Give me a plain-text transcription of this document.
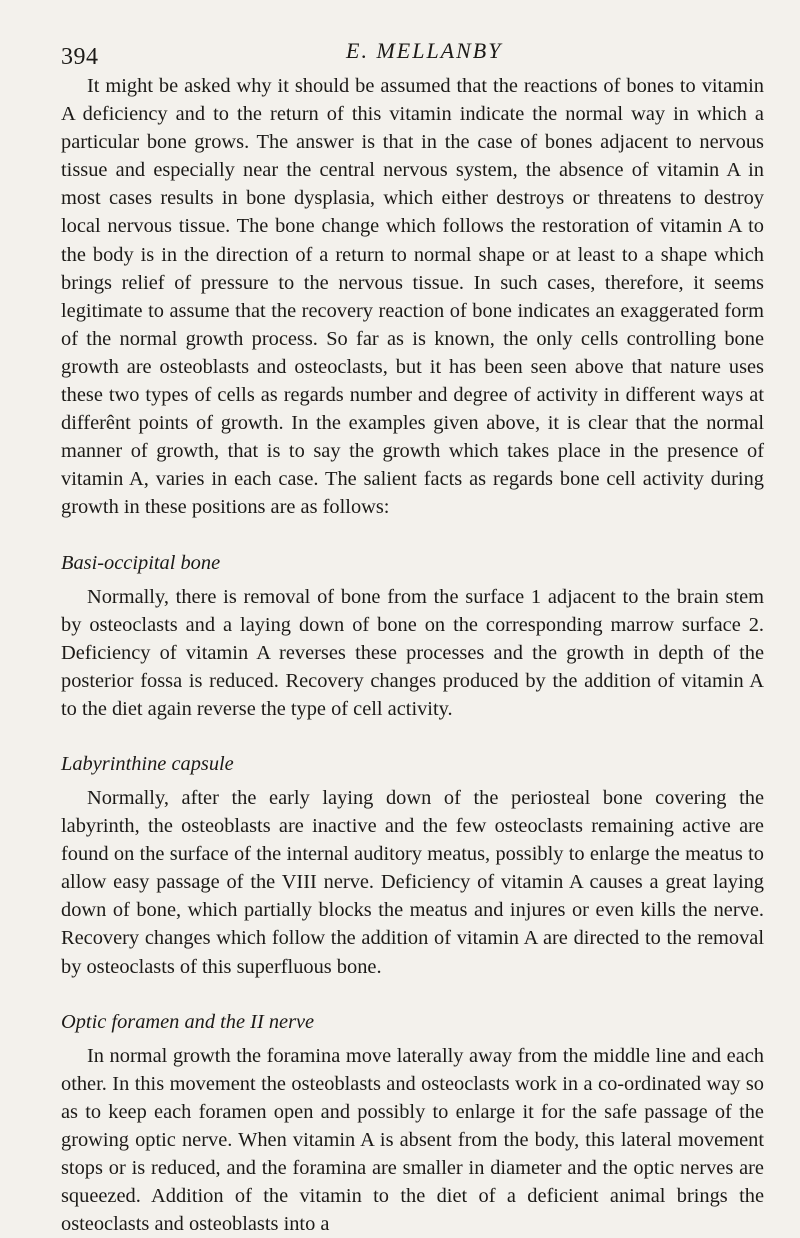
394	E. MELLANBY

It might be asked why it should be assumed that the reactions of bones to vitamin A deficiency and to the return of this vitamin indicate the normal way in which a particular bone grows. The answer is that in the case of bones adjacent to nervous tissue and especially near the central nervous system, the absence of vitamin A in most cases results in bone dysplasia, which either destroys or threatens to destroy local nervous tissue. The bone change which follows the restoration of vitamin A to the body is in the direction of a return to normal shape or at least to a shape which brings relief of pressure to the nervous tissue. In such cases, therefore, it seems legitimate to assume that the recovery reaction of bone indicates an exaggerated form of the normal growth process. So far as is known, the only cells controlling bone growth are osteoblasts and osteoclasts, but it has been seen above that nature uses these two types of cells as regards number and degree of activity in different ways at differênt points of growth. In the examples given above, it is clear that the normal manner of growth, that is to say the growth which takes place in the presence of vitamin A, varies in each case. The salient facts as regards bone cell activity during growth in these positions are as follows:

Basi-occipital bone

Normally, there is removal of bone from the surface 1 adjacent to the brain stem by osteoclasts and a laying down of bone on the corresponding marrow surface 2. Deficiency of vitamin A reverses these processes and the growth in depth of the posterior fossa is reduced. Recovery changes produced by the addition of vitamin A to the diet again reverse the type of cell activity.

Labyrinthine capsule

Normally, after the early laying down of the periosteal bone covering the labyrinth, the osteoblasts are inactive and the few osteoclasts remaining active are found on the surface of the internal auditory meatus, possibly to enlarge the meatus to allow easy passage of the VIII nerve. Deficiency of vitamin A causes a great laying down of bone, which partially blocks the meatus and injures or even kills the nerve. Recovery changes which follow the addition of vitamin A are directed to the removal by osteoclasts of this superfluous bone.

Optic foramen and the II nerve

In normal growth the foramina move laterally away from the middle line and each other. In this movement the osteoblasts and osteoclasts work in a co-ordinated way so as to keep each foramen open and possibly to enlarge it for the safe passage of the growing optic nerve. When vitamin A is absent from the body, this lateral movement stops or is reduced, and the foramina are smaller in diameter and the optic nerves are squeezed. Addition of the vitamin to the diet of a deficient animal brings the osteoclasts and osteoblasts into a
